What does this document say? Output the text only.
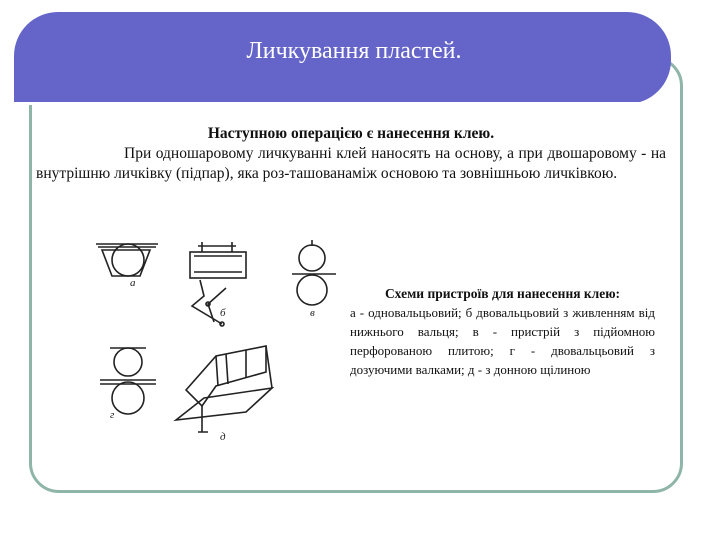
Личкування пластей.
Наступною операцією є нанесення клею.
При одношаровому личкуванні клей наносять на основу, а при двошаровому - на внутрішню личківку (підпар), яка роз-ташованаміж основою та зовнішньою личківкою.
а
б	в
г
д
Схеми пристроїв для нанесення клею:
а - одновальцьовий; б двовальцьовий з живленням від нижнього вальця; в - пристрій з підйомною перфорованою плитою; г - двовальцьовий з дозуючими валками; д - з донною щілиною
